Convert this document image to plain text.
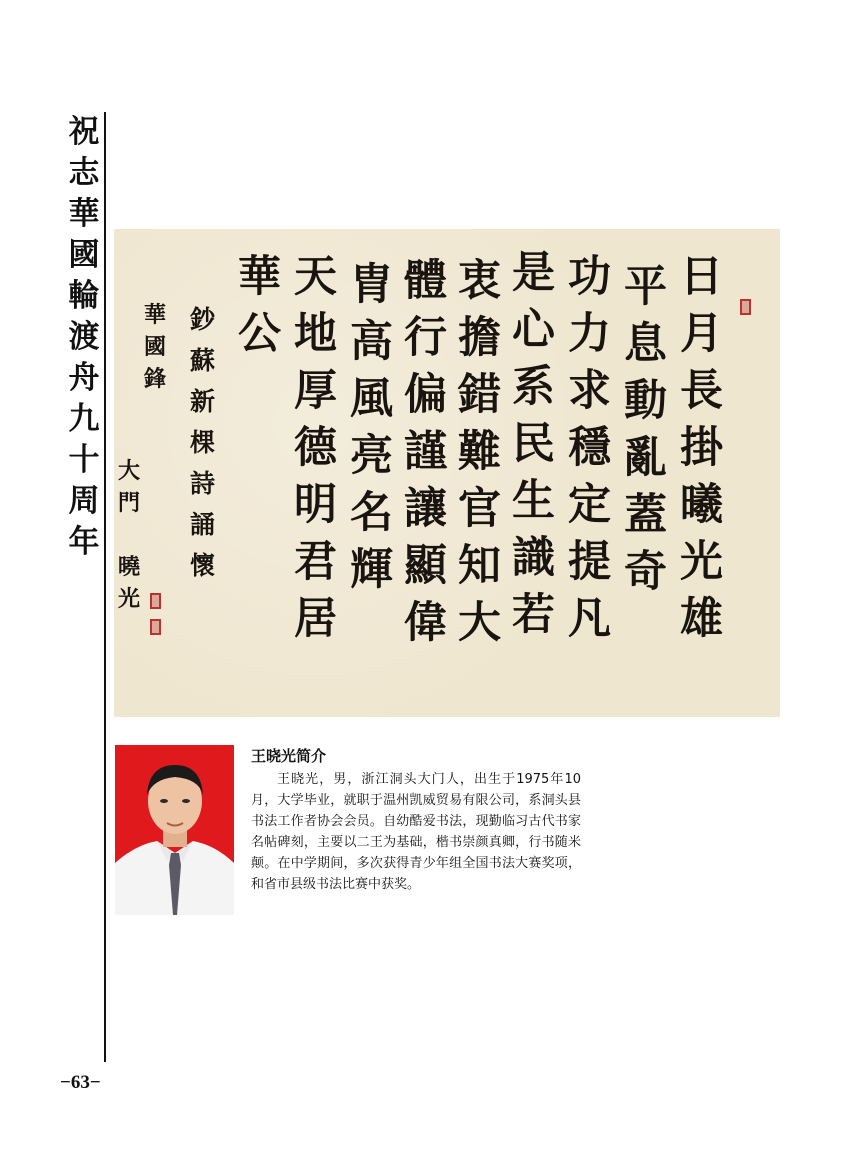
祝
志
華
國
輪
渡
舟
九
十
周
年
日
月
長
掛
曦
光
雄
平
息
動
亂
蓋
奇
功
力
求
穩
定
提
凡
是
心
系
民
生
識
若
衷
擔
錯
難
官
知
大
體
行
偏
謹
讓
顯
偉
胄
高
風
亮
名
輝
天
地
厚
德
明
君
居
華
公
鈔
蘇
新
棵
詩
誦
懷
華
國
鋒
大
門

曉
光
王晓光简介
王晓光，男，浙江洞头大门人，出生于1975年10月，大学毕业，就职于温州凯威贸易有限公司，系洞头县书法工作者协会会员。自幼酷爱书法，现勤临习古代书家名帖碑刻，主要以二王为基础，楷书崇颜真卿，行书随米颠。在中学期间，多次获得青少年组全国书法大赛奖项，和省市县级书法比赛中获奖。
−63−
